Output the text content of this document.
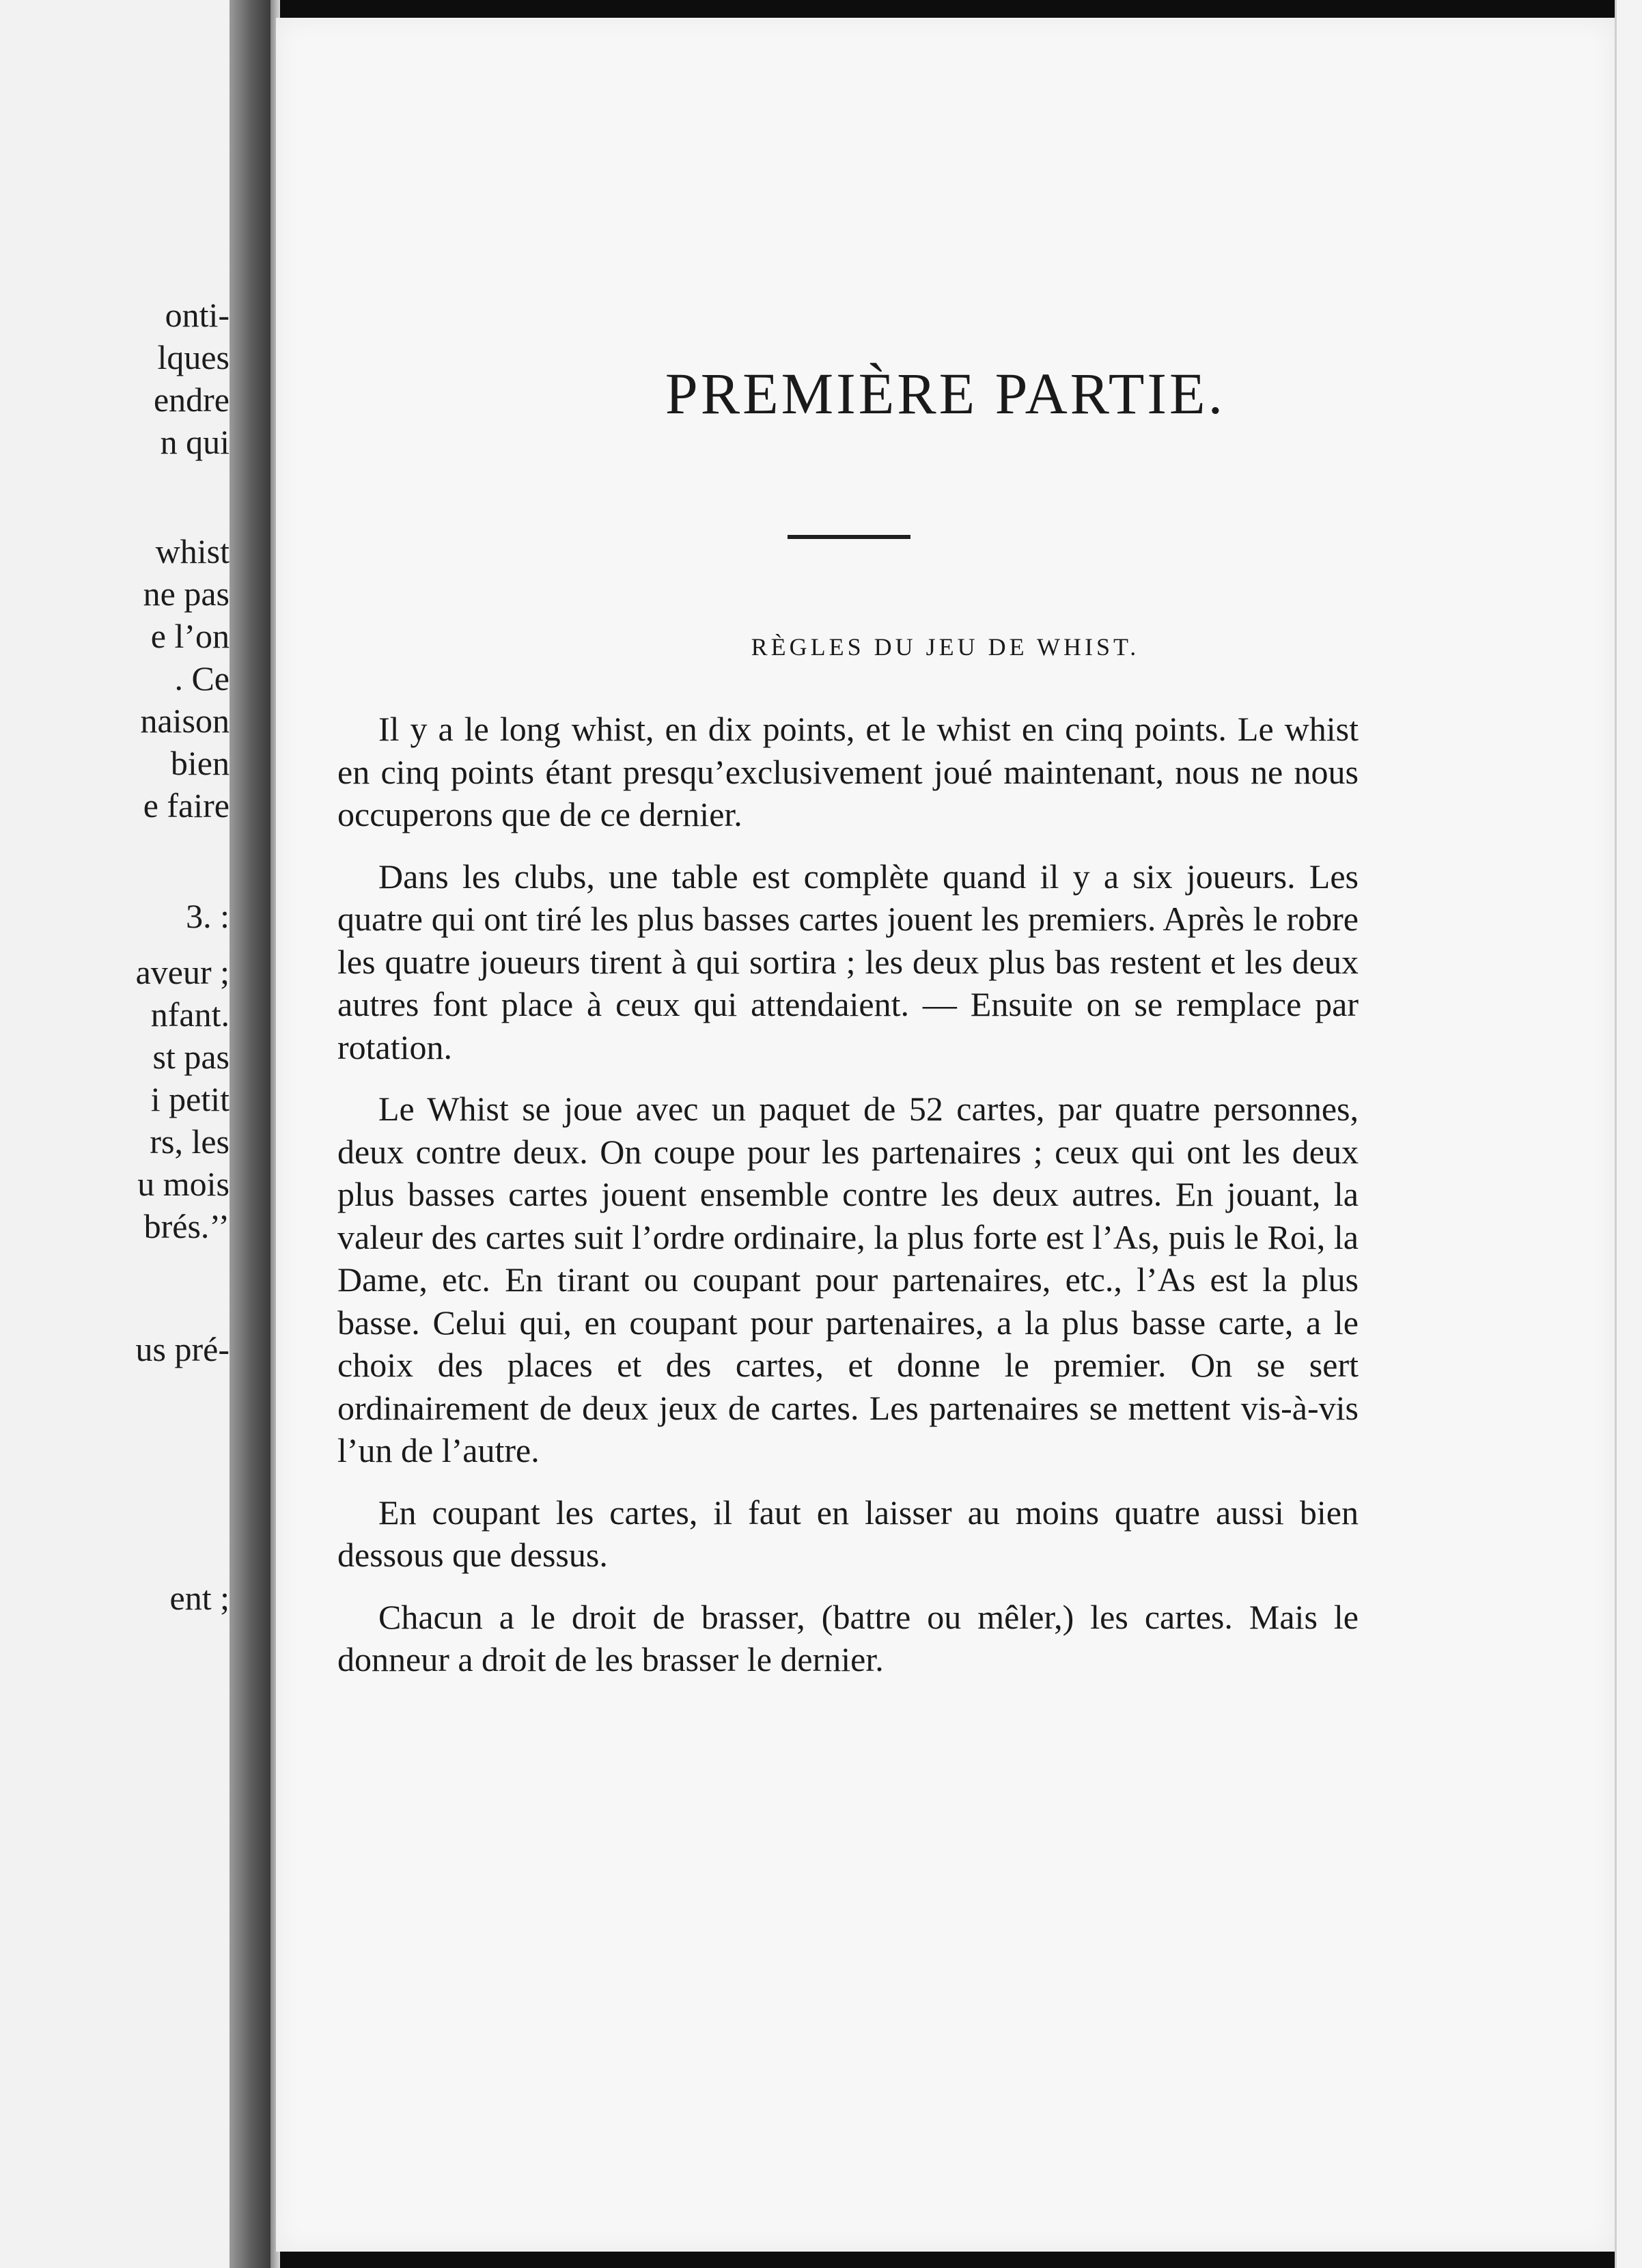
onti-

lques

endre

n qui

whist

ne pas

e l’on

. Ce

naison

bien

e faire

3. :

aveur ;

nfant.

st pas

i petit

rs, les

u mois

brés.’’

us pré-

ent ;

PREMIÈRE PARTIE.
RÈGLES DU JEU DE WHIST.

Il y a le long whist, en dix points, et le whist en cinq points. Le whist en cinq points étant presqu’exclusivement joué maintenant, nous ne nous occuperons que de ce dernier.

Dans les clubs, une table est complète quand il y a six joueurs. Les quatre qui ont tiré les plus basses cartes jouent les premiers. Après le robre les quatre joueurs tirent à qui sortira ; les deux plus bas restent et les deux autres font place à ceux qui attendaient. — Ensuite on se remplace par rotation.

Le Whist se joue avec un paquet de 52 cartes, par quatre personnes, deux contre deux. On coupe pour les partenaires ; ceux qui ont les deux plus basses cartes jouent ensemble contre les deux autres. En jouant, la valeur des cartes suit l’ordre ordinaire, la plus forte est l’As, puis le Roi, la Dame, etc. En tirant ou coupant pour partenaires, etc., l’As est la plus basse. Celui qui, en coupant pour partenaires, a la plus basse carte, a le choix des places et des cartes, et donne le premier. On se sert ordinairement de deux jeux de cartes. Les partenaires se mettent vis-à-vis l’un de l’autre.

En coupant les cartes, il faut en laisser au moins quatre aussi bien dessous que dessus.

Chacun a le droit de brasser, (battre ou mêler,) les cartes. Mais le donneur a droit de les brasser le dernier.
